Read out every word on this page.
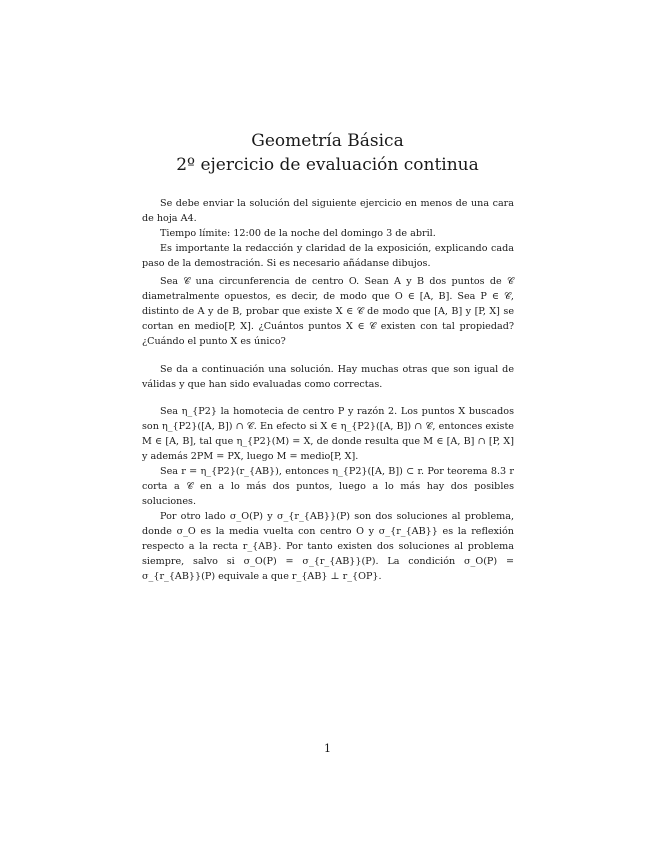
Geometría Básica
2º ejercicio de evaluación continua

Se debe enviar la solución del siguiente ejercicio en menos de una cara de hoja A4.

Tiempo límite: 12:00 de la noche del domingo 3 de abril.

Es importante la redacción y claridad de la exposición, explicando cada paso de la demostración. Si es necesario añádanse dibujos.

Sea 𝒞 una circunferencia de centro O. Sean A y B dos puntos de 𝒞 diametralmente opuestos, es decir, de modo que O ∈ [A, B]. Sea P ∈ 𝒞, distinto de A y de B, probar que existe X ∈ 𝒞 de modo que [A, B] y [P, X] se cortan en medio[P, X]. ¿Cuántos puntos X ∈ 𝒞 existen con tal propiedad?¿Cuándo el punto X es único?

Se da a continuación una solución. Hay muchas otras que son igual de válidas y que han sido evaluadas como correctas.

Sea η_{P2} la homotecia de centro P y razón 2. Los puntos X buscados son η_{P2}([A, B]) ∩ 𝒞. En efecto si X ∈ η_{P2}([A, B]) ∩ 𝒞, entonces existe M ∈ [A, B], tal que η_{P2}(M) = X, de donde resulta que M ∈ [A, B] ∩ [P, X] y además 2PM = PX, luego M = medio[P, X].

Sea r = η_{P2}(r_{AB}), entonces η_{P2}([A, B]) ⊂ r. Por teorema 8.3 r corta a 𝒞 en a lo más dos puntos, luego a lo más hay dos posibles soluciones.

Por otro lado σ_O(P) y σ_{r_{AB}}(P) son dos soluciones al problema, donde σ_O es la media vuelta con centro O y σ_{r_{AB}} es la reflexión respecto a la recta r_{AB}. Por tanto existen dos soluciones al problema siempre, salvo si σ_O(P) = σ_{r_{AB}}(P). La condición σ_O(P) = σ_{r_{AB}}(P) equivale a que r_{AB} ⊥ r_{OP}.

1
